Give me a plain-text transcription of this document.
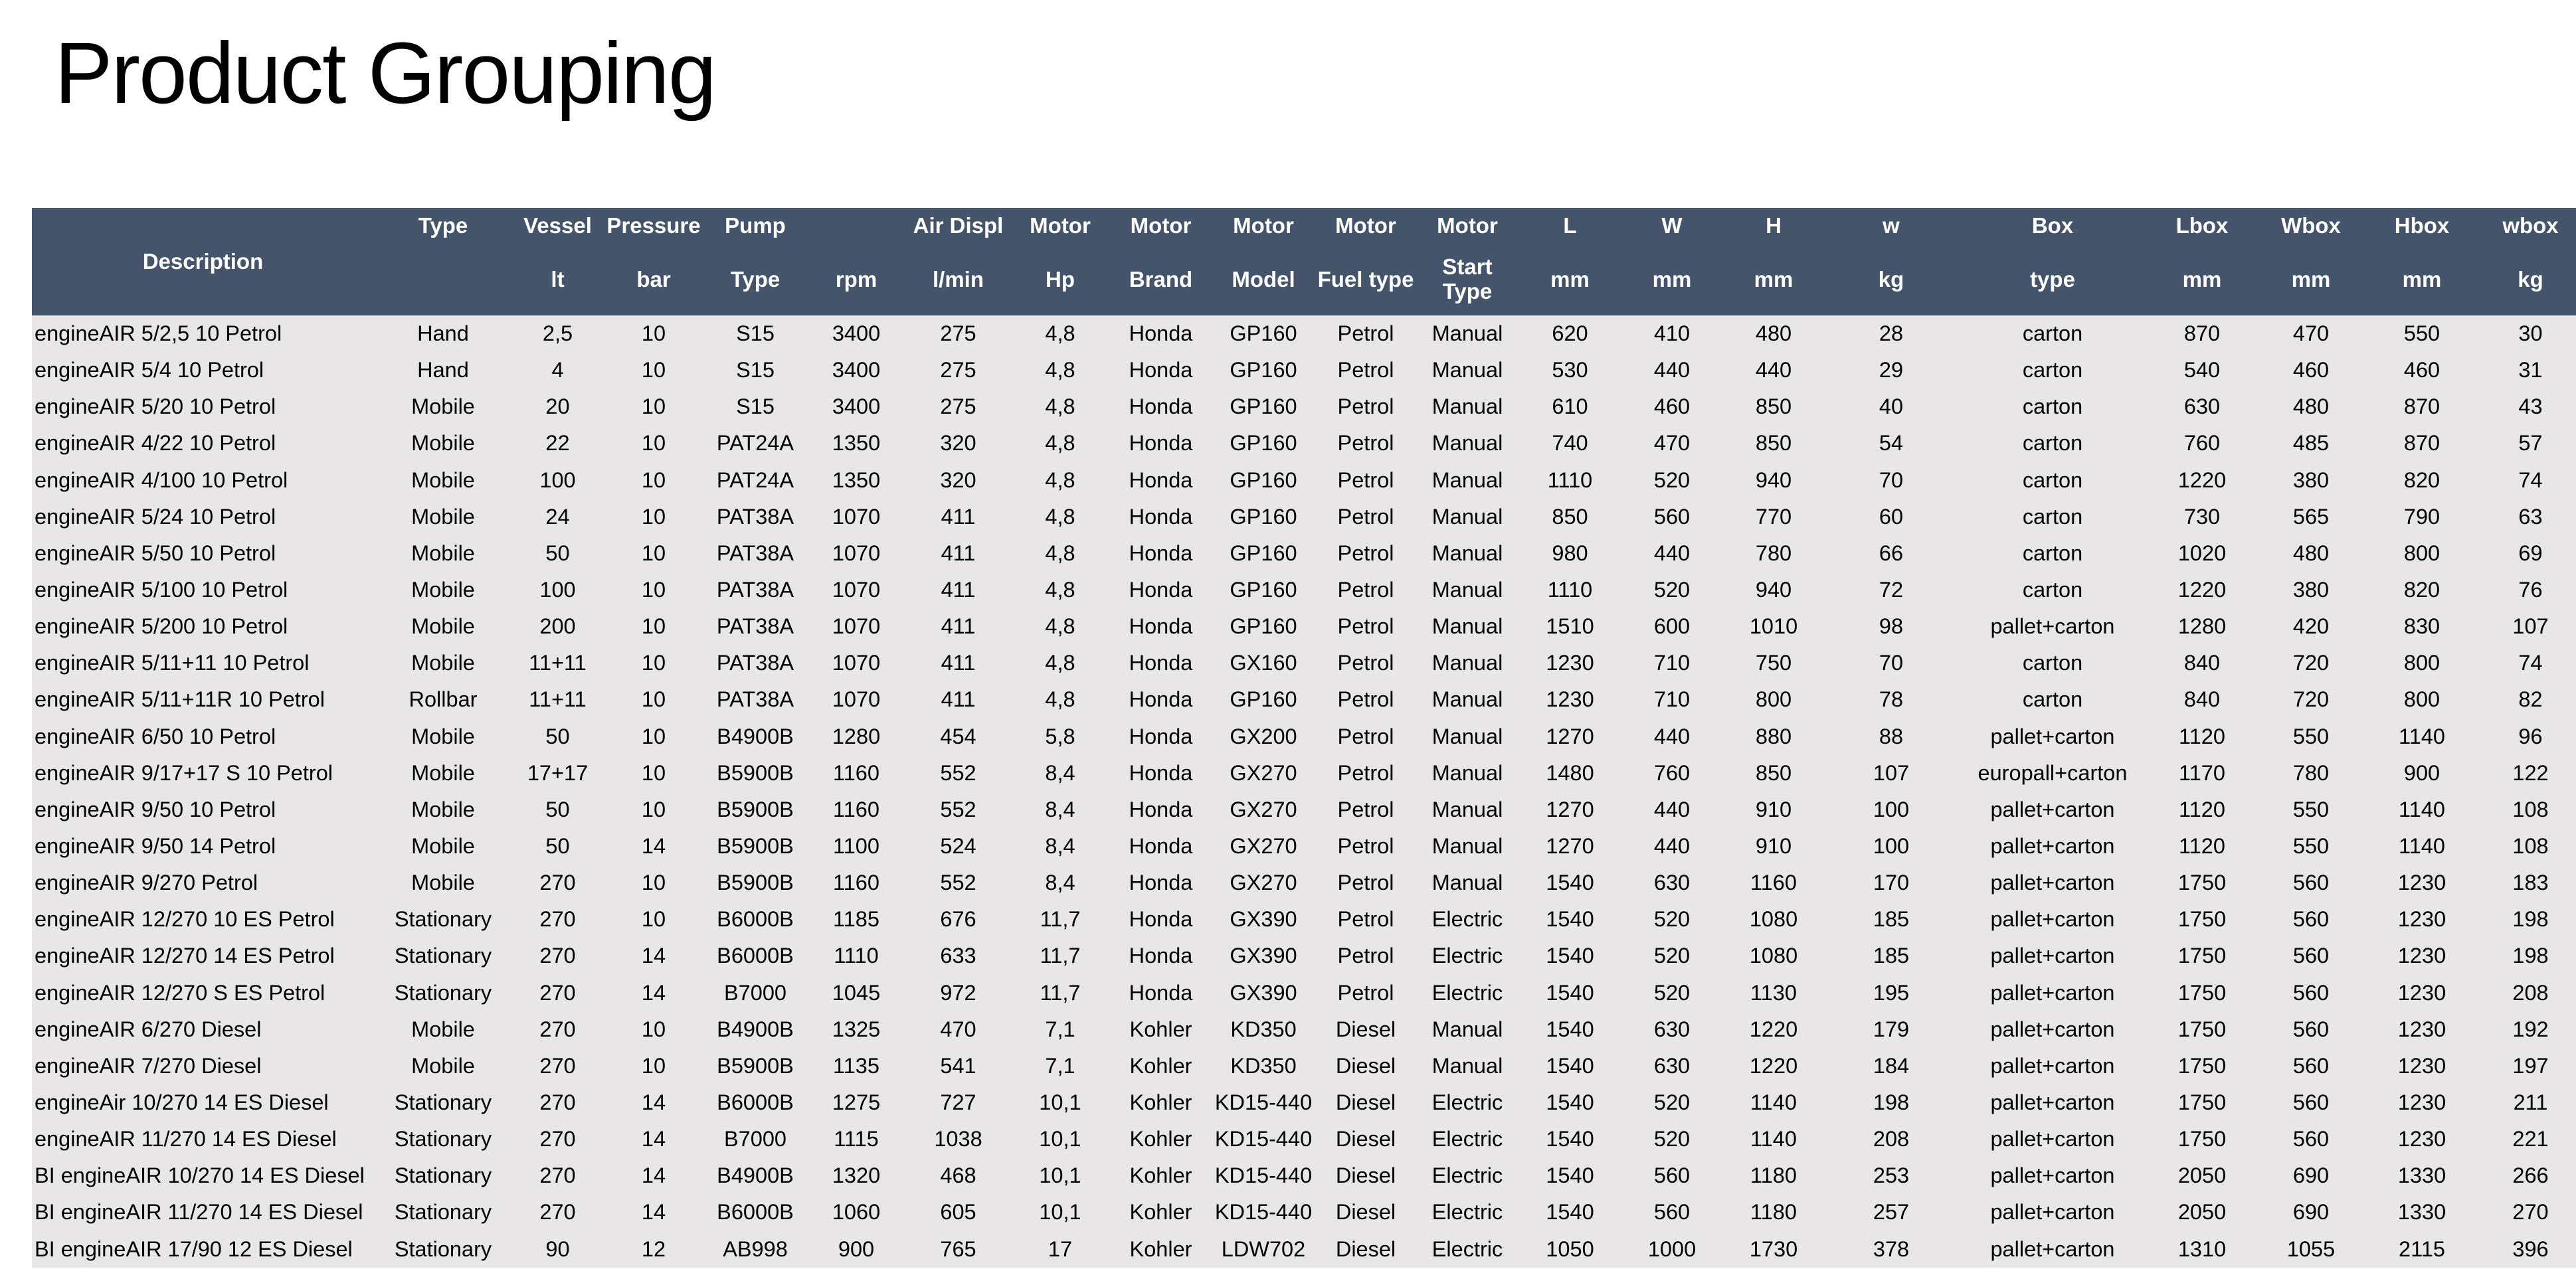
Product Grouping
Description	Type	Vessel	Pressure	Pump		Air Displ	Motor	Motor	Motor	Motor	Motor	L	W	H	w	Box	Lbox	Wbox	Hbox	wbox
		lt	bar	Type	rpm	l/min	Hp	Brand	Model	Fuel type	Start Type	mm	mm	mm	kg	type	mm	mm	mm	kg
engineAIR 5/2,5 10 Petrol	Hand	2,5	10	S15	3400	275	4,8	Honda	GP160	Petrol	Manual	620	410	480	28	carton	870	470	550	30
engineAIR 5/4 10 Petrol	Hand	4	10	S15	3400	275	4,8	Honda	GP160	Petrol	Manual	530	440	440	29	carton	540	460	460	31
engineAIR 5/20 10 Petrol	Mobile	20	10	S15	3400	275	4,8	Honda	GP160	Petrol	Manual	610	460	850	40	carton	630	480	870	43
engineAIR 4/22 10 Petrol	Mobile	22	10	PAT24A	1350	320	4,8	Honda	GP160	Petrol	Manual	740	470	850	54	carton	760	485	870	57
engineAIR 4/100 10 Petrol	Mobile	100	10	PAT24A	1350	320	4,8	Honda	GP160	Petrol	Manual	1110	520	940	70	carton	1220	380	820	74
engineAIR 5/24 10 Petrol	Mobile	24	10	PAT38A	1070	411	4,8	Honda	GP160	Petrol	Manual	850	560	770	60	carton	730	565	790	63
engineAIR 5/50 10 Petrol	Mobile	50	10	PAT38A	1070	411	4,8	Honda	GP160	Petrol	Manual	980	440	780	66	carton	1020	480	800	69
engineAIR 5/100 10 Petrol	Mobile	100	10	PAT38A	1070	411	4,8	Honda	GP160	Petrol	Manual	1110	520	940	72	carton	1220	380	820	76
engineAIR 5/200 10 Petrol	Mobile	200	10	PAT38A	1070	411	4,8	Honda	GP160	Petrol	Manual	1510	600	1010	98	pallet+carton	1280	420	830	107
engineAIR 5/11+11 10 Petrol	Mobile	11+11	10	PAT38A	1070	411	4,8	Honda	GX160	Petrol	Manual	1230	710	750	70	carton	840	720	800	74
engineAIR 5/11+11R 10 Petrol	Rollbar	11+11	10	PAT38A	1070	411	4,8	Honda	GP160	Petrol	Manual	1230	710	800	78	carton	840	720	800	82
engineAIR 6/50 10 Petrol	Mobile	50	10	B4900B	1280	454	5,8	Honda	GX200	Petrol	Manual	1270	440	880	88	pallet+carton	1120	550	1140	96
engineAIR 9/17+17 S 10 Petrol	Mobile	17+17	10	B5900B	1160	552	8,4	Honda	GX270	Petrol	Manual	1480	760	850	107	europall+carton	1170	780	900	122
engineAIR 9/50 10 Petrol	Mobile	50	10	B5900B	1160	552	8,4	Honda	GX270	Petrol	Manual	1270	440	910	100	pallet+carton	1120	550	1140	108
engineAIR 9/50 14 Petrol	Mobile	50	14	B5900B	1100	524	8,4	Honda	GX270	Petrol	Manual	1270	440	910	100	pallet+carton	1120	550	1140	108
engineAIR 9/270 Petrol	Mobile	270	10	B5900B	1160	552	8,4	Honda	GX270	Petrol	Manual	1540	630	1160	170	pallet+carton	1750	560	1230	183
engineAIR 12/270 10 ES Petrol	Stationary	270	10	B6000B	1185	676	11,7	Honda	GX390	Petrol	Electric	1540	520	1080	185	pallet+carton	1750	560	1230	198
engineAIR 12/270 14 ES Petrol	Stationary	270	14	B6000B	1110	633	11,7	Honda	GX390	Petrol	Electric	1540	520	1080	185	pallet+carton	1750	560	1230	198
engineAIR 12/270 S ES Petrol	Stationary	270	14	B7000	1045	972	11,7	Honda	GX390	Petrol	Electric	1540	520	1130	195	pallet+carton	1750	560	1230	208
engineAIR 6/270 Diesel	Mobile	270	10	B4900B	1325	470	7,1	Kohler	KD350	Diesel	Manual	1540	630	1220	179	pallet+carton	1750	560	1230	192
engineAIR 7/270 Diesel	Mobile	270	10	B5900B	1135	541	7,1	Kohler	KD350	Diesel	Manual	1540	630	1220	184	pallet+carton	1750	560	1230	197
engineAir 10/270 14 ES Diesel	Stationary	270	14	B6000B	1275	727	10,1	Kohler	KD15-440	Diesel	Electric	1540	520	1140	198	pallet+carton	1750	560	1230	211
engineAIR 11/270 14 ES Diesel	Stationary	270	14	B7000	1115	1038	10,1	Kohler	KD15-440	Diesel	Electric	1540	520	1140	208	pallet+carton	1750	560	1230	221
BI engineAIR 10/270 14 ES Diesel	Stationary	270	14	B4900B	1320	468	10,1	Kohler	KD15-440	Diesel	Electric	1540	560	1180	253	pallet+carton	2050	690	1330	266
BI engineAIR 11/270 14 ES Diesel	Stationary	270	14	B6000B	1060	605	10,1	Kohler	KD15-440	Diesel	Electric	1540	560	1180	257	pallet+carton	2050	690	1330	270
BI engineAIR 17/90 12 ES Diesel	Stationary	90	12	AB998	900	765	17	Kohler	LDW702	Diesel	Electric	1050	1000	1730	378	pallet+carton	1310	1055	2115	396
